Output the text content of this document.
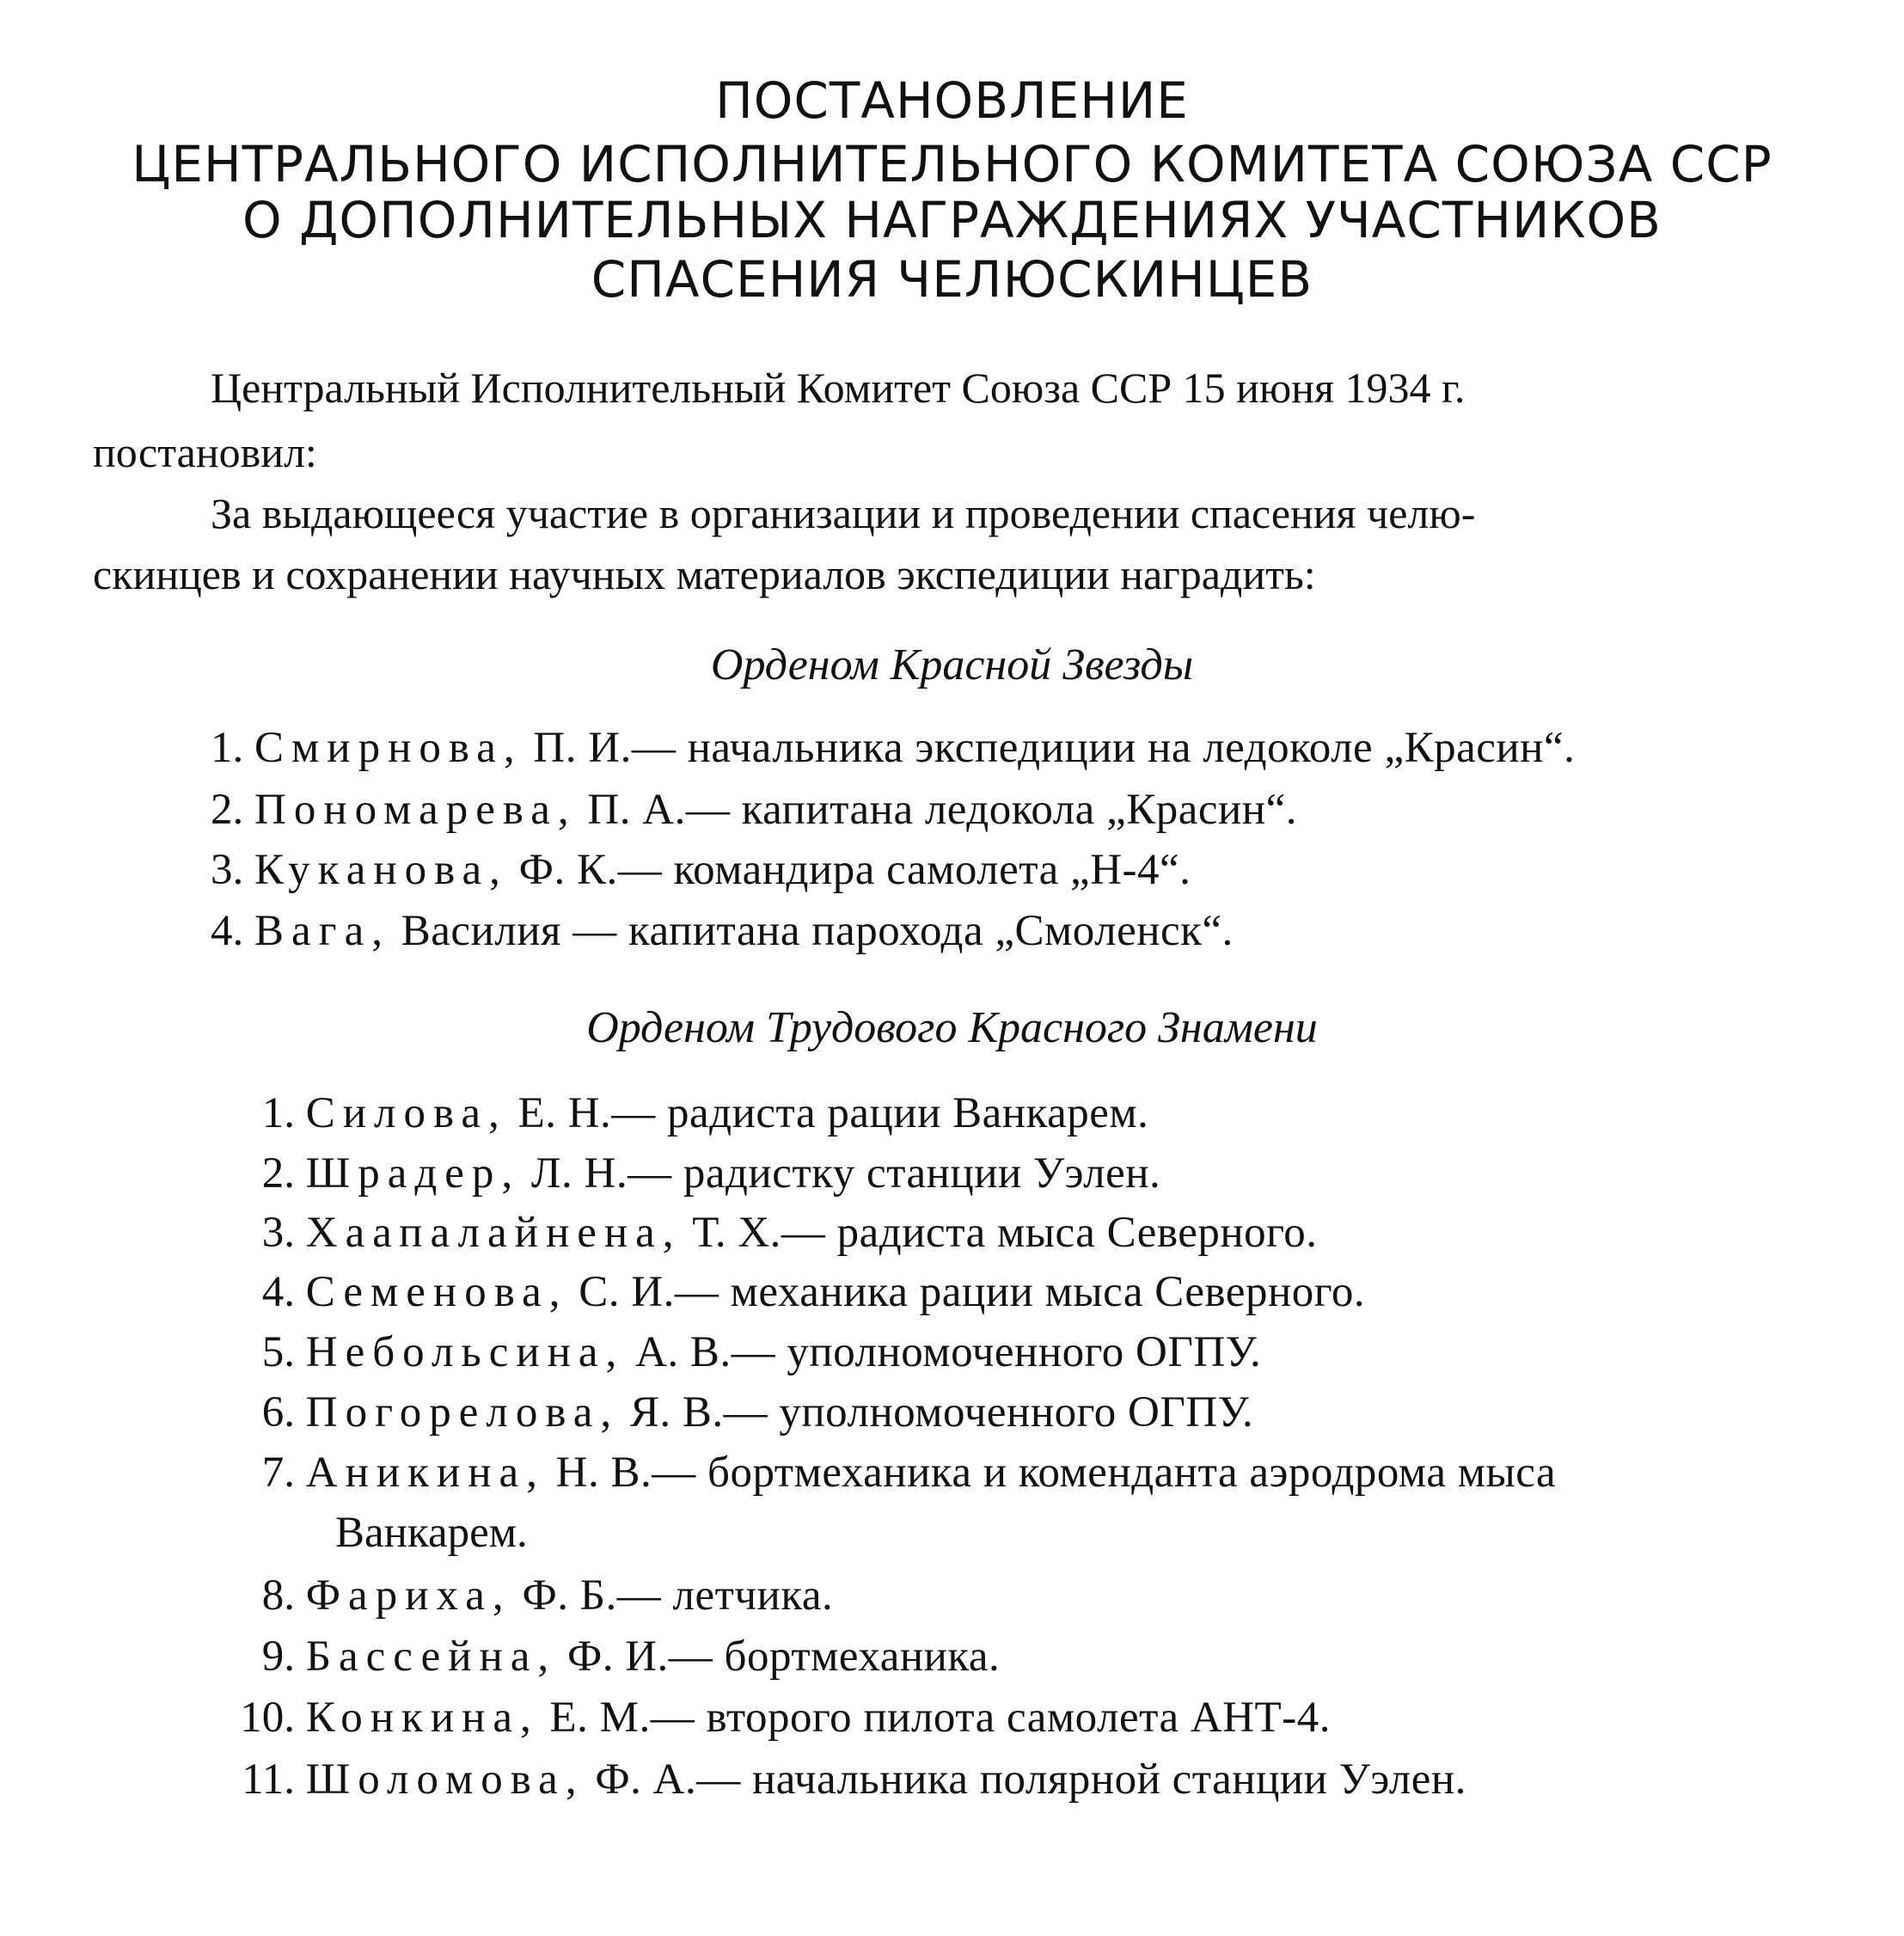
ПОСТАНОВЛЕНИЕ
ЦЕНТРАЛЬНОГО ИСПОЛНИТЕЛЬНОГО КОМИТЕТА СОЮЗА ССР
О ДОПОЛНИТЕЛЬНЫХ НАГРАЖДЕНИЯХ УЧАСТНИКОВ
СПАСЕНИЯ ЧЕЛЮСКИНЦЕВ
Центральный Исполнительный Комитет Союза ССР 15 июня 1934 г.
постановил:
За выдающееся участие в организации и проведении спасения челю-
скинцев и сохранении научных материалов экспедиции наградить:
Орденом Красной Звезды
1. Смирнова, П. И.— начальника экспедиции на ледоколе „Красин“.
2. Пономарева, П. А.— капитана ледокола „Красин“.
3. Куканова, Ф. К.— командира самолета „Н-4“.
4. Вага, Василия — капитана парохода „Смоленск“.
Орденом Трудового Красного Знамени
1. Силова, Е. Н.— радиста рации Ванкарем.
2. Шрадер, Л. Н.— радистку станции Уэлен.
3. Хаапалайнена, Т. Х.— радиста мыса Северного.
4. Семенова, С. И.— механика рации мыса Северного.
5. Небольсина, А. В.— уполномоченного ОГПУ.
6. Погорелова, Я. В.— уполномоченного ОГПУ.
7. Аникина, Н. В.— бортмеханика и коменданта аэродрома мыса
Ванкарем.
8. Фариха, Ф. Б.— летчика.
9. Бассейна, Ф. И.— бортмеханика.
10. Конкина, Е. М.— второго пилота самолета АНТ-4.
11. Шоломова, Ф. А.— начальника полярной станции Уэлен.
